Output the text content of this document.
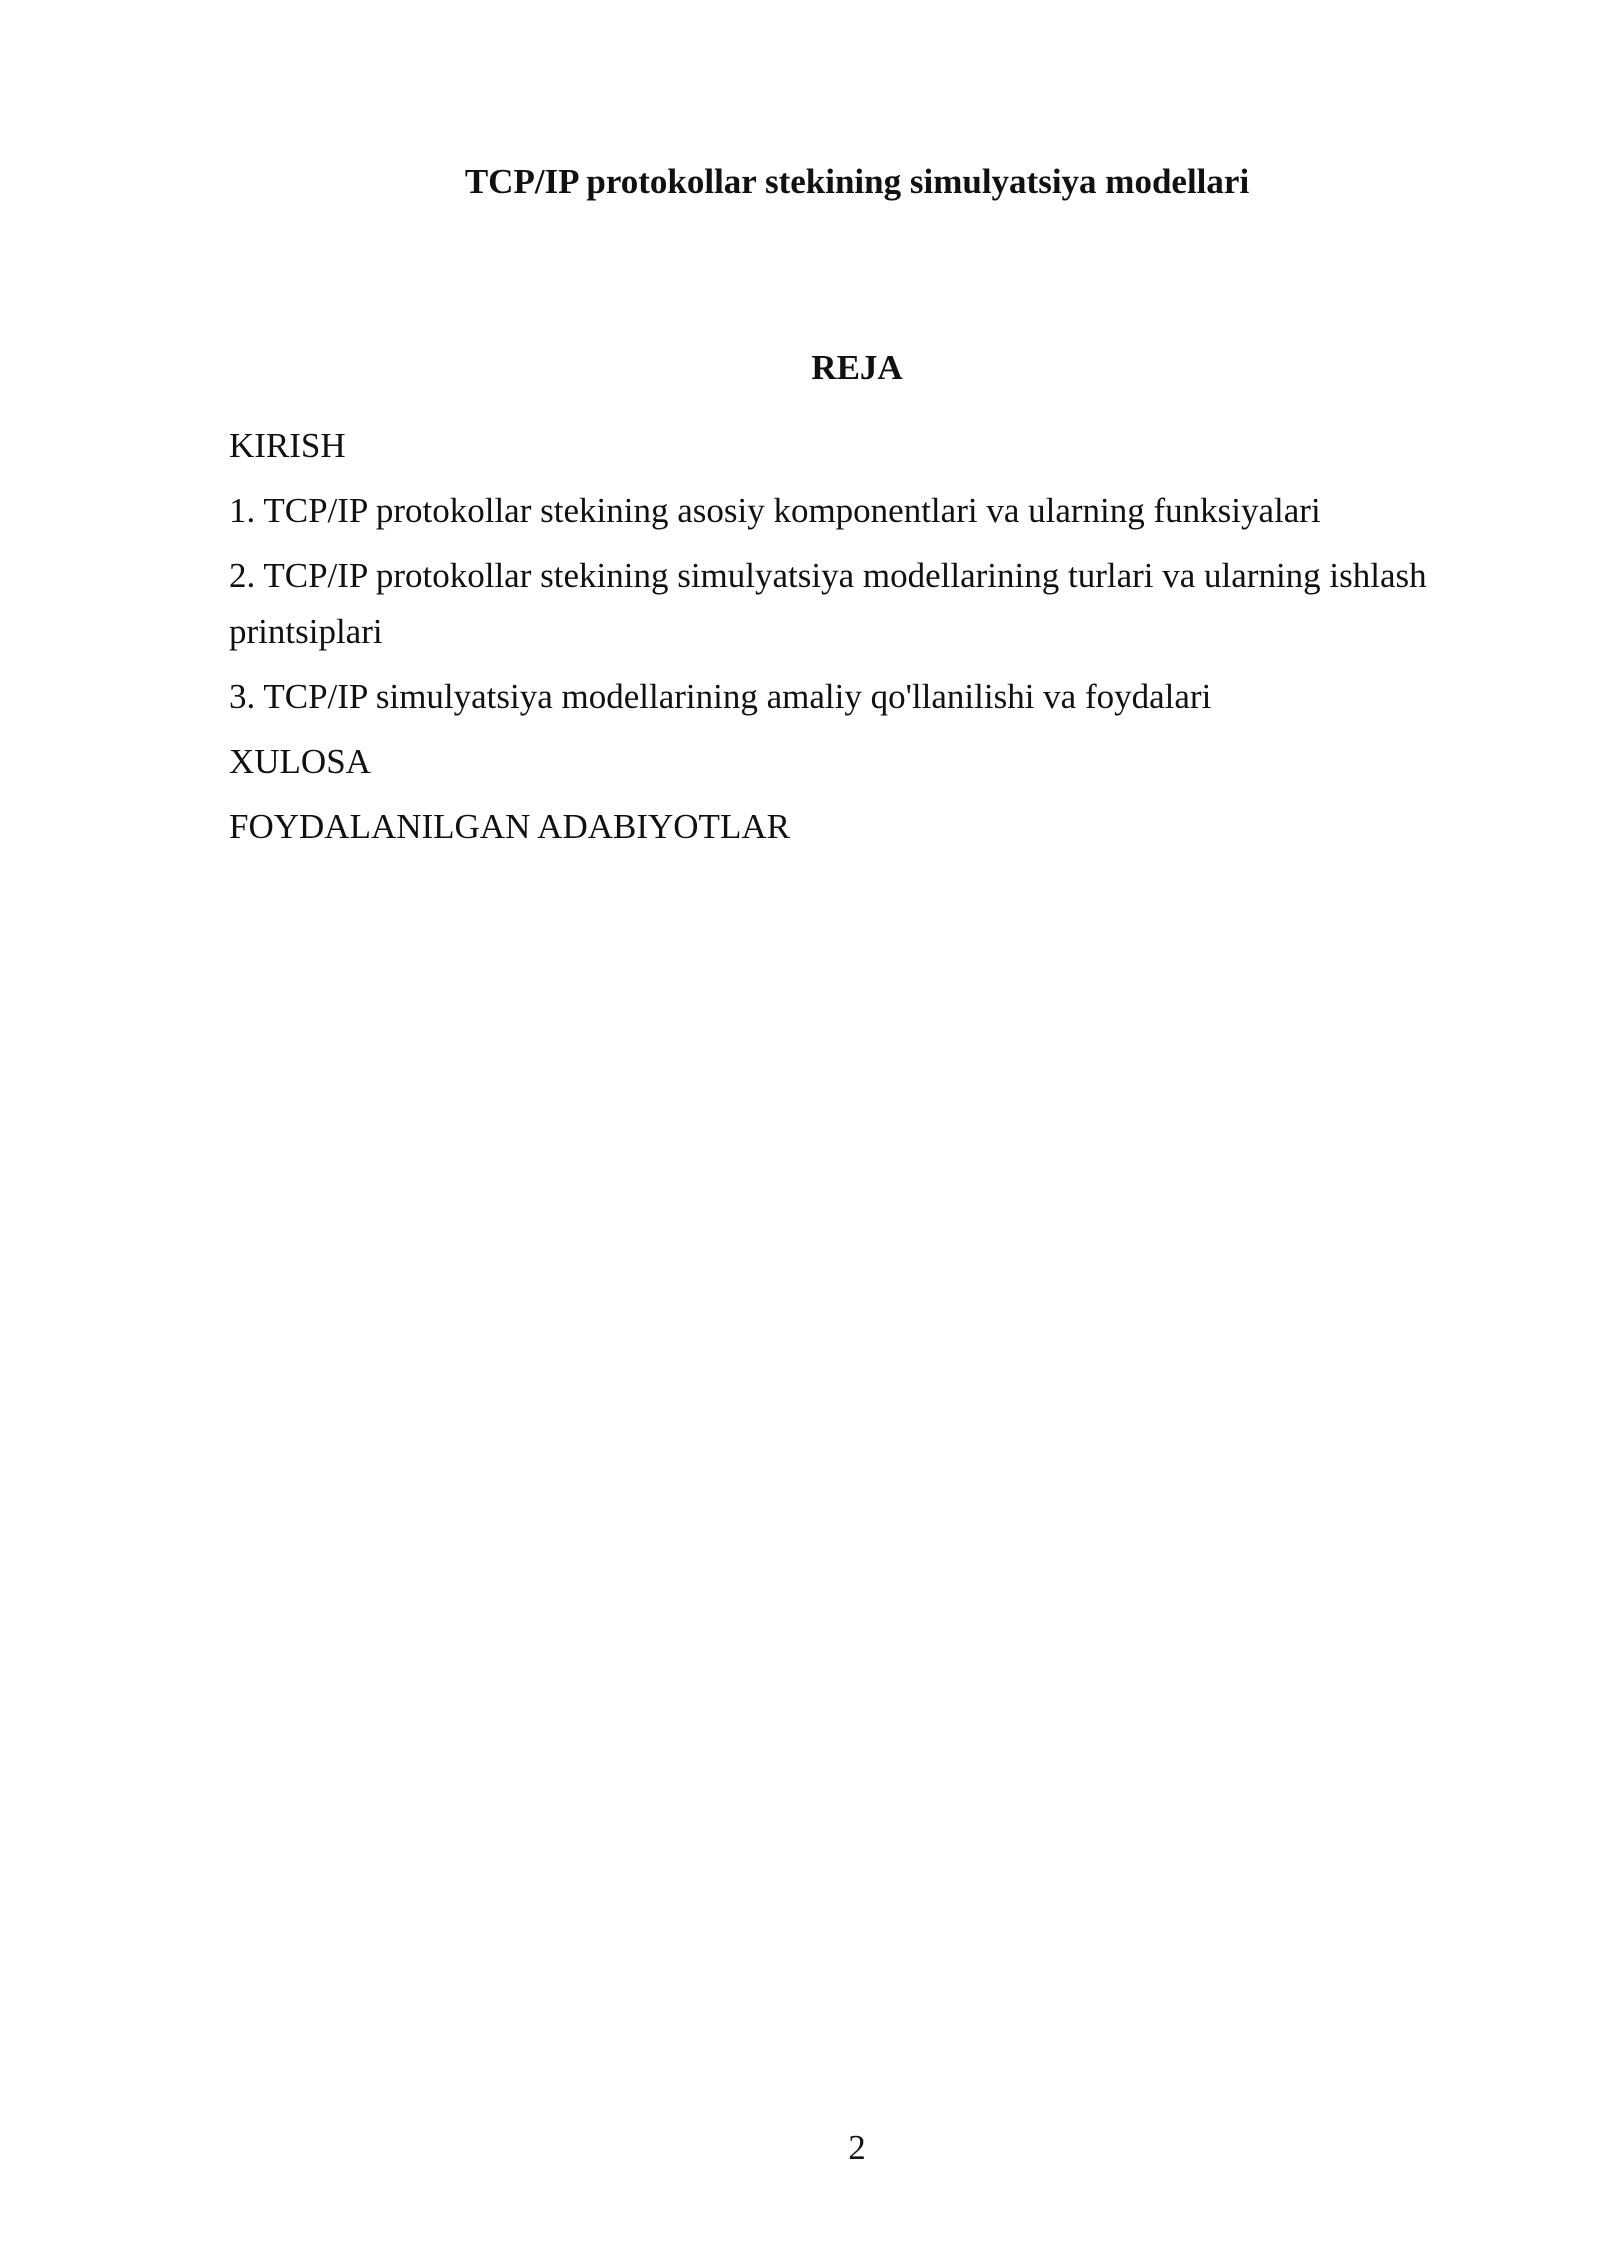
TCP/IP protokollar stekining simulyatsiya modellari
REJA
KIRISH
1. TCP/IP protokollar stekining asosiy komponentlari va ularning funksiyalari
2. TCP/IP protokollar stekining simulyatsiya modellarining turlari va ularning ishlash printsiplari
3. TCP/IP simulyatsiya modellarining amaliy qo'llanilishi va foydalari
XULOSA
FOYDALANILGAN ADABIYOTLAR
2
